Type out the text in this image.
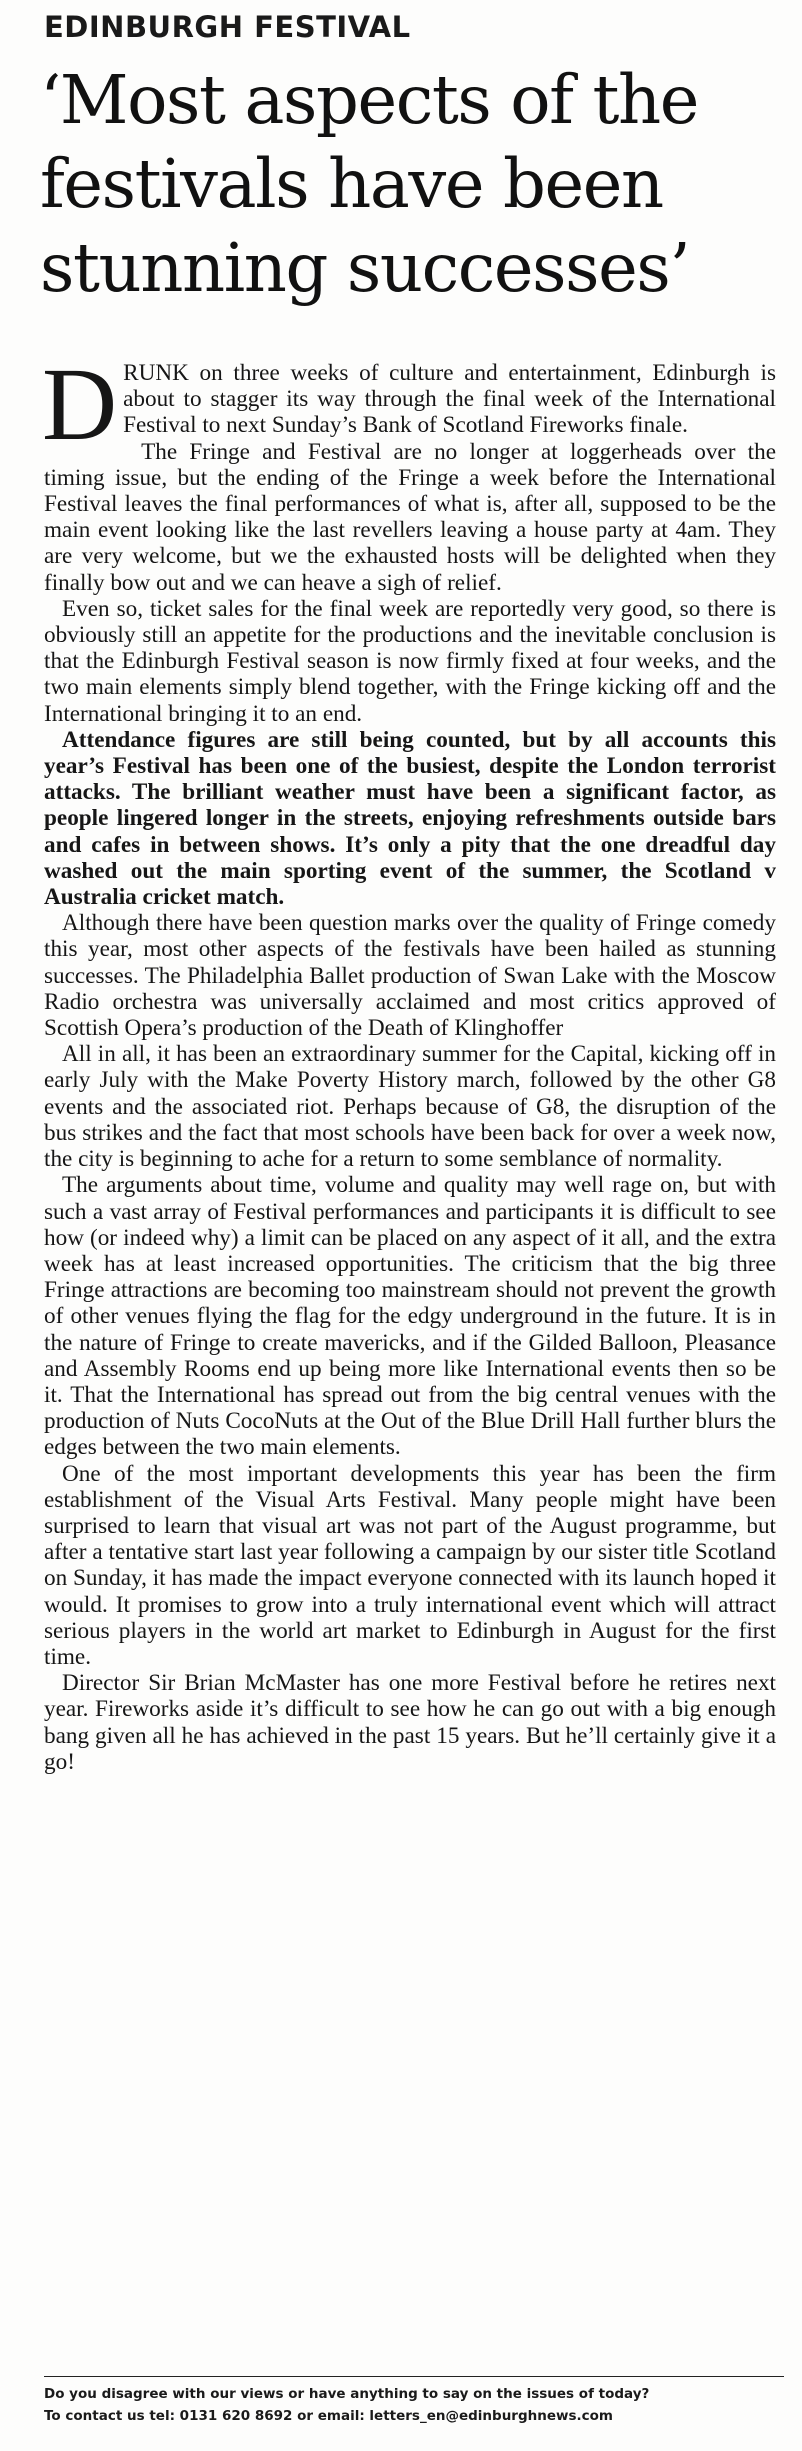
EDINBURGH FESTIVAL
‘Most aspects of the
festivals have been
stunning successes’

DRUNK on three weeks of culture and entertainment, Edinburgh is about to stagger its way through the final week of the International Festival to next Sunday’s Bank of Scotland Fireworks finale.

The Fringe and Festival are no longer at loggerheads over the timing issue, but the ending of the Fringe a week before the International Festival leaves the final performances of what is, after all, supposed to be the main event looking like the last revellers leaving a house party at 4am. They are very welcome, but we the exhausted hosts will be delighted when they finally bow out and we can heave a sigh of relief.

Even so, ticket sales for the final week are reportedly very good, so there is obviously still an appetite for the productions and the inevitable conclusion is that the Edinburgh Festival season is now firmly fixed at four weeks, and the two main elements simply blend together, with the Fringe kicking off and the International bringing it to an end.

Attendance figures are still being counted, but by all accounts this year’s Festival has been one of the busiest, despite the London terrorist attacks. The brilliant weather must have been a significant factor, as people lingered longer in the streets, enjoying refreshments outside bars and cafes in between shows. It’s only a pity that the one dreadful day washed out the main sporting event of the summer, the Scotland v Australia cricket match.

Although there have been question marks over the quality of Fringe comedy this year, most other aspects of the festivals have been hailed as stunning successes. The Philadelphia Ballet production of Swan Lake with the Moscow Radio orchestra was universally acclaimed and most critics approved of Scottish Opera’s production of the Death of Klinghoffer

All in all, it has been an extraordinary summer for the Capital, kicking off in early July with the Make Poverty History march, followed by the other G8 events and the associated riot. Perhaps because of G8, the disruption of the bus strikes and the fact that most schools have been back for over a week now, the city is beginning to ache for a return to some semblance of normality.

The arguments about time, volume and quality may well rage on, but with such a vast array of Festival performances and participants it is difficult to see how (or indeed why) a limit can be placed on any aspect of it all, and the extra week has at least increased opportunities. The criticism that the big three Fringe attractions are becoming too mainstream should not prevent the growth of other venues flying the flag for the edgy underground in the future. It is in the nature of Fringe to create mavericks, and if the Gilded Balloon, Pleasance and Assembly Rooms end up being more like International events then so be it. That the International has spread out from the big central venues with the production of Nuts CocoNuts at the Out of the Blue Drill Hall further blurs the edges between the two main elements.

One of the most important developments this year has been the firm establishment of the Visual Arts Festival. Many people might have been surprised to learn that visual art was not part of the August programme, but after a tentative start last year following a campaign by our sister title Scotland on Sunday, it has made the impact everyone connected with its launch hoped it would. It promises to grow into a truly international event which will attract serious players in the world art market to Edinburgh in August for the first time.

Director Sir Brian McMaster has one more Festival before he retires next year. Fireworks aside it’s difficult to see how he can go out with a big enough bang given all he has achieved in the past 15 years. But he’ll certainly give it a go!

Do you disagree with our views or have anything to say on the issues of today?
To contact us tel: 0131 620 8692 or email: letters_en@edinburghnews.com
